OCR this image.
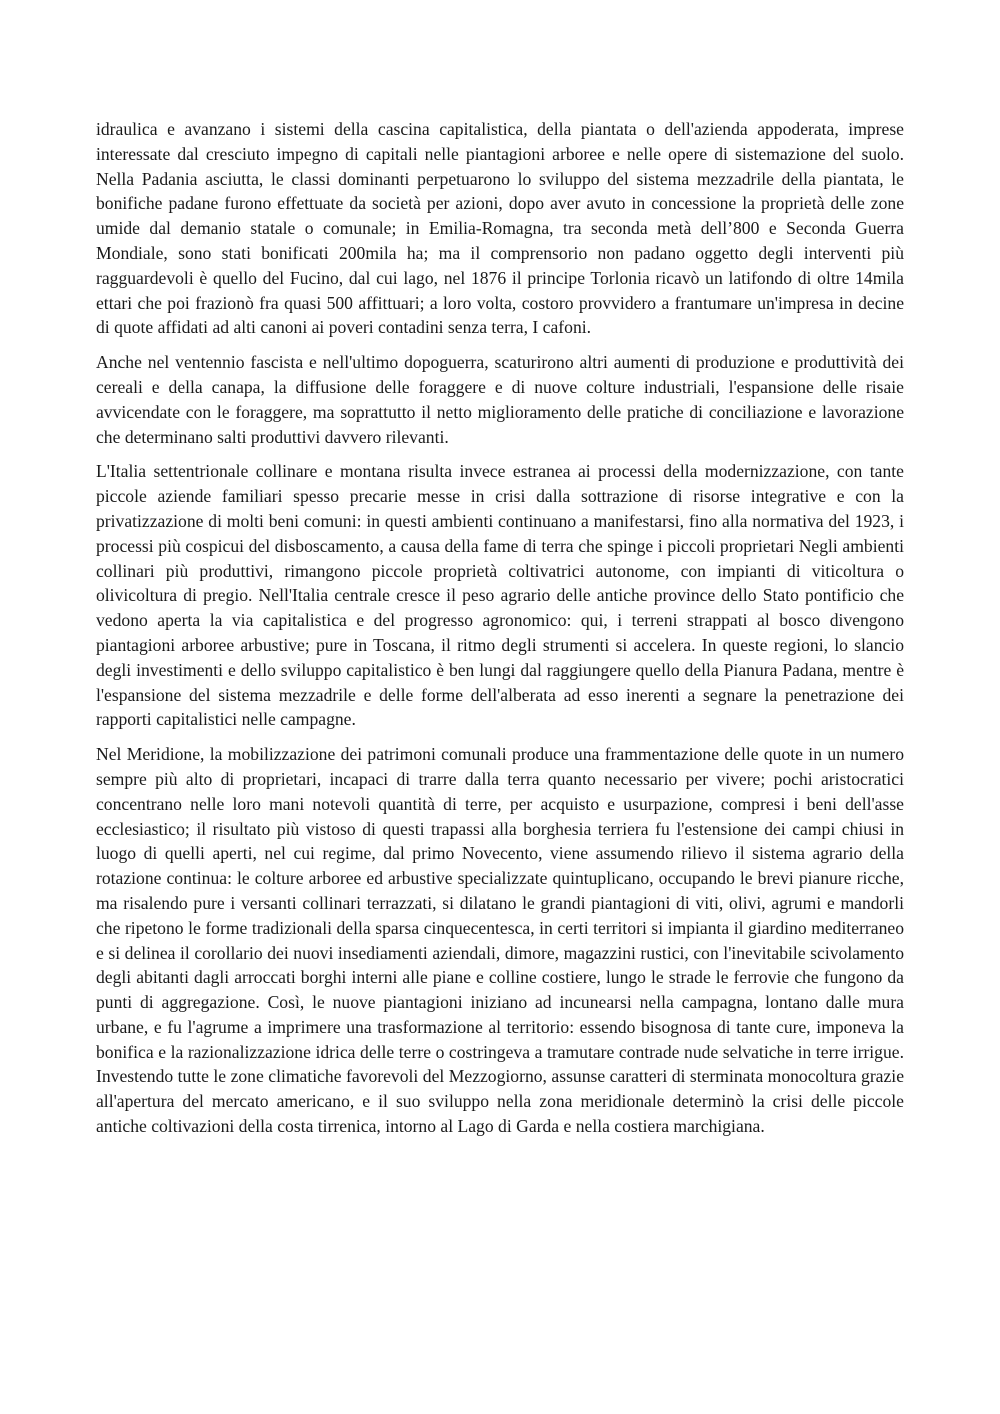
idraulica e avanzano i sistemi della cascina capitalistica, della piantata o dell'azienda appoderata, imprese interessate dal cresciuto impegno di capitali nelle piantagioni arboree e nelle opere di sistemazione del suolo. Nella Padania asciutta, le classi dominanti perpetuarono lo sviluppo del sistema mezzadrile della piantata, le bonifiche padane furono effettuate da società per azioni, dopo aver avuto in concessione la proprietà delle zone umide dal demanio statale o comunale; in Emilia-Romagna, tra seconda metà dell’800 e Seconda Guerra Mondiale, sono stati bonificati 200mila ha; ma il comprensorio non padano oggetto degli interventi più ragguardevoli è quello del Fucino, dal cui lago, nel 1876 il principe Torlonia ricavò un latifondo di oltre 14mila ettari che poi frazionò fra quasi 500 affittuari; a loro volta, costoro provvidero a frantumare un'impresa in decine di quote affidati ad alti canoni ai poveri contadini senza terra, I cafoni.

Anche nel ventennio fascista e nell'ultimo dopoguerra, scaturirono altri aumenti di produzione e produttività dei cereali e della canapa, la diffusione delle foraggere e di nuove colture industriali, l'espansione delle risaie avvicendate con le foraggere, ma soprattutto il netto miglioramento delle pratiche di conciliazione e lavorazione che determinano salti produttivi davvero rilevanti.

L'Italia settentrionale collinare e montana risulta invece estranea ai processi della modernizzazione, con tante piccole aziende familiari spesso precarie messe in crisi dalla sottrazione di risorse integrative e con la privatizzazione di molti beni comuni: in questi ambienti continuano a manifestarsi, fino alla normativa del 1923, i processi più cospicui del disboscamento, a causa della fame di terra che spinge i piccoli proprietari Negli ambienti collinari più produttivi, rimangono piccole proprietà coltivatrici autonome, con impianti di viticoltura o olivicoltura di pregio. Nell'Italia centrale cresce il peso agrario delle antiche province dello Stato pontificio che vedono aperta la via capitalistica e del progresso agronomico: qui, i terreni strappati al bosco divengono piantagioni arboree arbustive; pure in Toscana, il ritmo degli strumenti si accelera. In queste regioni, lo slancio degli investimenti e dello sviluppo capitalistico è ben lungi dal raggiungere quello della Pianura Padana, mentre è l'espansione del sistema mezzadrile e delle forme dell'alberata ad esso inerenti a segnare la penetrazione dei rapporti capitalistici nelle campagne.

Nel Meridione, la mobilizzazione dei patrimoni comunali produce una frammentazione delle quote in un numero sempre più alto di proprietari, incapaci di trarre dalla terra quanto necessario per vivere; pochi aristocratici concentrano nelle loro mani notevoli quantità di terre, per acquisto e usurpazione, compresi i beni dell'asse ecclesiastico; il risultato più vistoso di questi trapassi alla borghesia terriera fu l'estensione dei campi chiusi in luogo di quelli aperti, nel cui regime, dal primo Novecento, viene assumendo rilievo il sistema agrario della rotazione continua: le colture arboree ed arbustive specializzate quintuplicano, occupando le brevi pianure ricche, ma risalendo pure i versanti collinari terrazzati, si dilatano le grandi piantagioni di viti, olivi, agrumi e mandorli che ripetono le forme tradizionali della sparsa cinquecentesca, in certi territori si impianta il giardino mediterraneo e si delinea il corollario dei nuovi insediamenti aziendali, dimore, magazzini rustici, con l'inevitabile scivolamento degli abitanti dagli arroccati borghi interni alle piane e colline costiere, lungo le strade le ferrovie che fungono da punti di aggregazione. Così, le nuove piantagioni iniziano ad incunearsi nella campagna, lontano dalle mura urbane, e fu l'agrume a imprimere una trasformazione al territorio: essendo bisognosa di tante cure, imponeva la bonifica e la razionalizzazione idrica delle terre o costringeva a tramutare contrade nude selvatiche in terre irrigue. Investendo tutte le zone climatiche favorevoli del Mezzogiorno, assunse caratteri di sterminata monocoltura grazie all'apertura del mercato americano, e il suo sviluppo nella zona meridionale determinò la crisi delle piccole antiche coltivazioni della costa tirrenica, intorno al Lago di Garda e nella costiera marchigiana.
